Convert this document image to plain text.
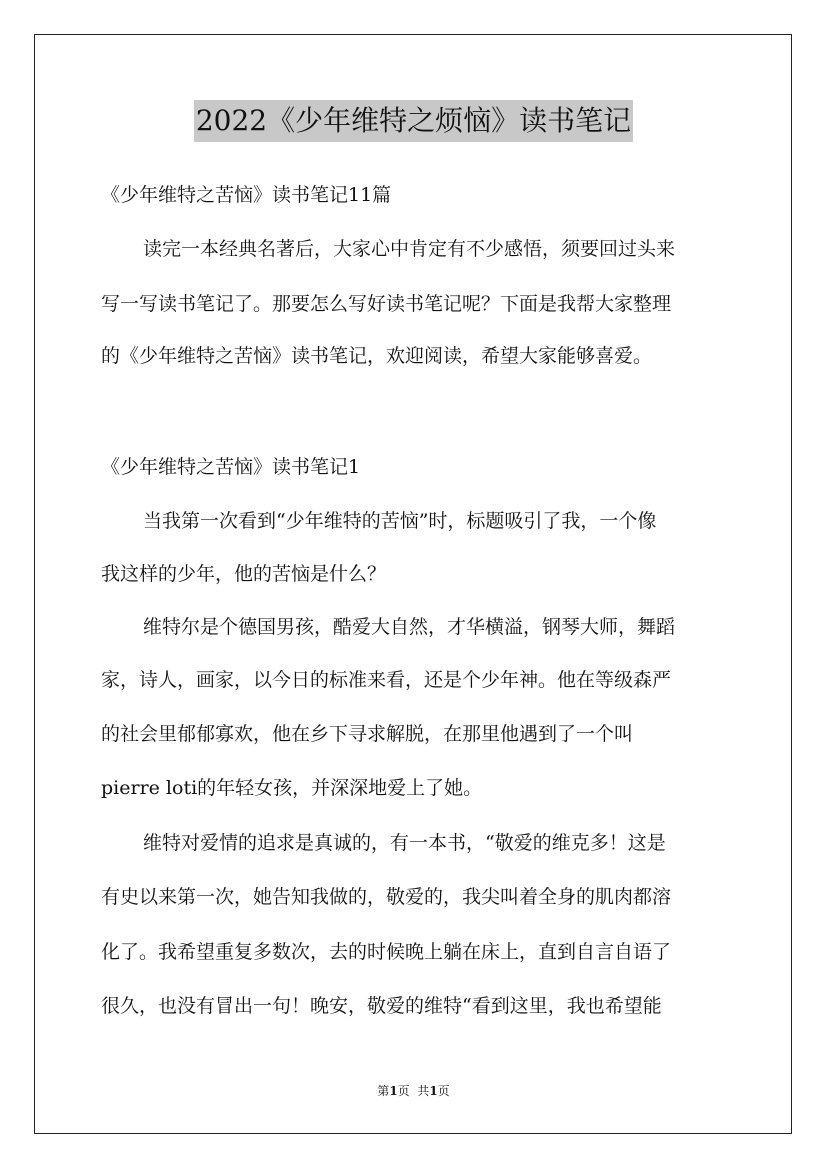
2022《少年维特之烦恼》读书笔记
《少年维特之苦恼》读书笔记11篇
读完一本经典名著后，大家心中肯定有不少感悟，须要回过头来
写一写读书笔记了。那要怎么写好读书笔记呢？下面是我帮大家整理
的《少年维特之苦恼》读书笔记，欢迎阅读，希望大家能够喜爱。
《少年维特之苦恼》读书笔记1
当我第一次看到“少年维特的苦恼”时，标题吸引了我，一个像
我这样的少年，他的苦恼是什么？
维特尔是个德国男孩，酷爱大自然，才华横溢，钢琴大师，舞蹈
家，诗人，画家，以今日的标准来看，还是个少年神。他在等级森严
的社会里郁郁寡欢，他在乡下寻求解脱，在那里他遇到了一个叫
pierre loti的年轻女孩，并深深地爱上了她。
维特对爱情的追求是真诚的，有一本书，“敬爱的维克多！这是
有史以来第一次，她告知我做的，敬爱的，我尖叫着全身的肌肉都溶
化了。我希望重复多数次，去的时候晚上躺在床上，直到自言自语了
很久，也没有冒出一句！晚安，敬爱的维特“看到这里，我也希望能
第1页  共1页
